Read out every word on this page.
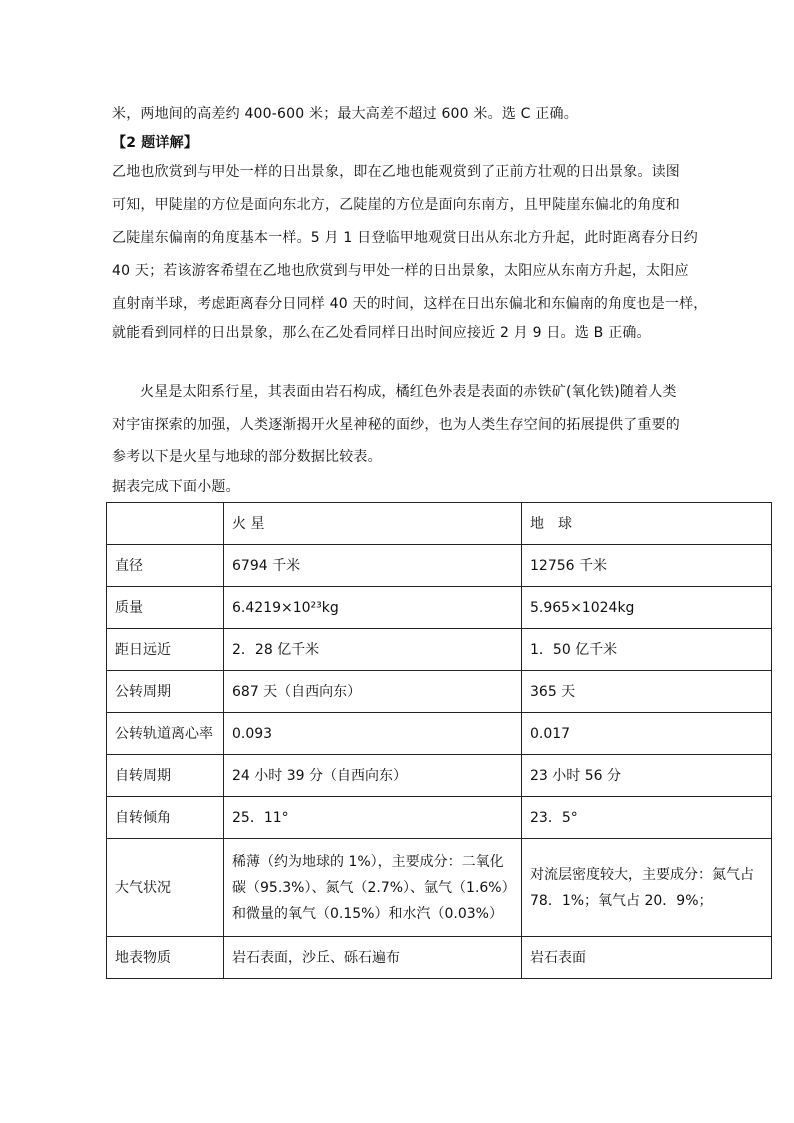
米，两地间的高差约 400-600 米；最大高差不超过 600 米。选 C 正确。
【2 题详解】
乙地也欣赏到与甲处一样的日出景象，即在乙地也能观赏到了正前方壮观的日出景象。读图
可知，甲陡崖的方位是面向东北方，乙陡崖的方位是面向东南方，且甲陡崖东偏北的角度和
乙陡崖东偏南的角度基本一样。5 月 1 日登临甲地观赏日出从东北方升起，此时距离春分日约
40 天；若该游客希望在乙地也欣赏到与甲处一样的日出景象，太阳应从东南方升起，太阳应
直射南半球，考虑距离春分日同样 40 天的时间，这样在日出东偏北和东偏南的角度也是一样，
就能看到同样的日出景象，那么在乙处看同样日出时间应接近 2 月 9 日。选 B 正确。
火星是太阳系行星，其表面由岩石构成，橘红色外表是表面的赤铁矿(氧化铁)随着人类
对宇宙探索的加强，人类逐渐揭开火星神秘的面纱，也为人类生存空间的拓展提供了重要的
参考以下是火星与地球的部分数据比较表。
据表完成下面小题。
	火 星	地　球
直径	6794 千米	12756 千米
质量	6.4219×10²³kg	5.965×1024kg
距日远近	2．28 亿千米	1．50 亿千米
公转周期	687 天（自西向东）	365 天
公转轨道离心率	0.093	0.017
自转周期	24 小时 39 分（自西向东）	23 小时 56 分
自转倾角	25．11°	23．5°
大气状况	稀薄（约为地球的 1%），主要成分：二氧化碳（95.3%）、氮气（2.7%）、氩气（1.6%）和微量的氧气（0.15%）和水汽（0.03%）	对流层密度较大，主要成分：氮气占 78．1%；氧气占 20．9%；
地表物质	岩石表面，沙丘、砾石遍布	岩石表面
